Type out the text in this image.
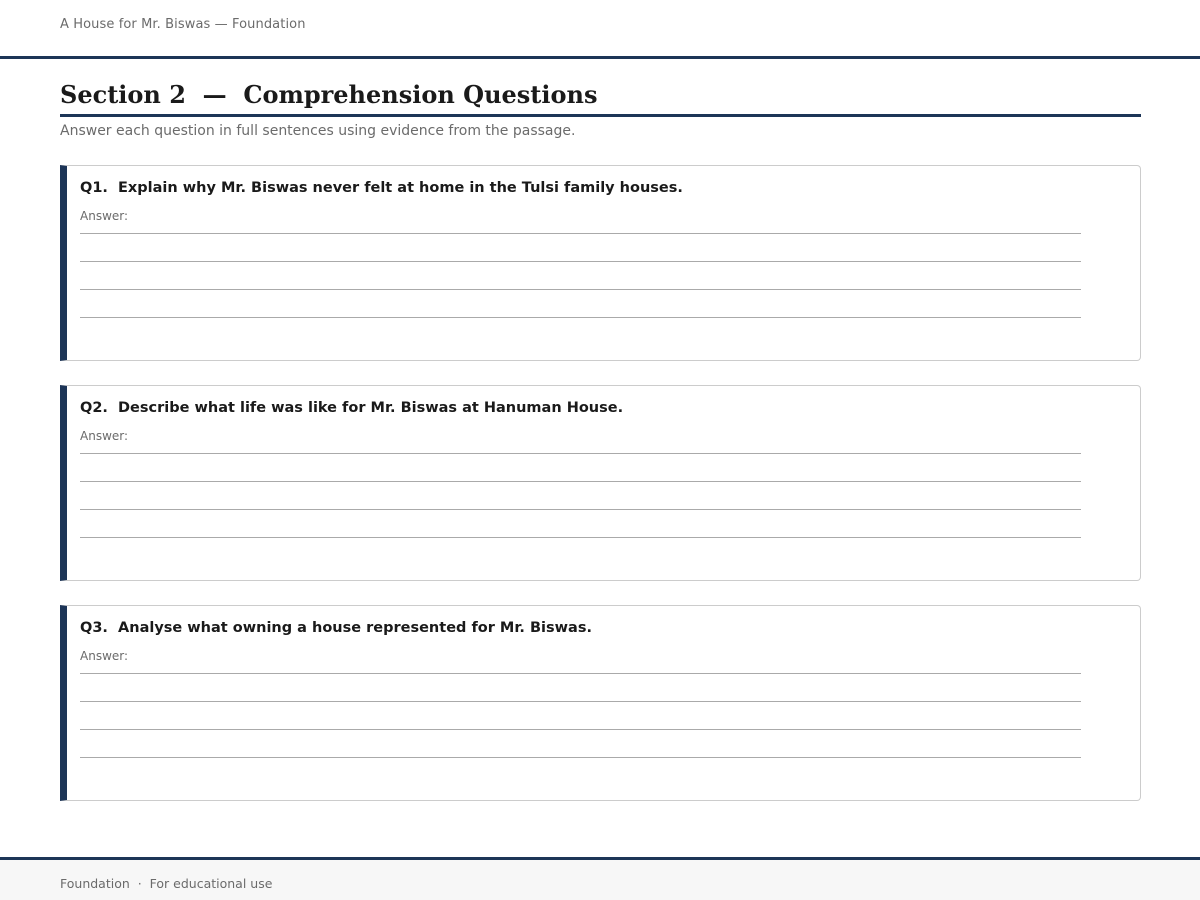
A House for Mr. Biswas — Foundation
Section 2  —  Comprehension Questions
Answer each question in full sentences using evidence from the passage.
Q1.  Explain why Mr. Biswas never felt at home in the Tulsi family houses.
Answer:
Q2.  Describe what life was like for Mr. Biswas at Hanuman House.
Answer:
Q3.  Analyse what owning a house represented for Mr. Biswas.
Answer:
Foundation  ·  For educational use
